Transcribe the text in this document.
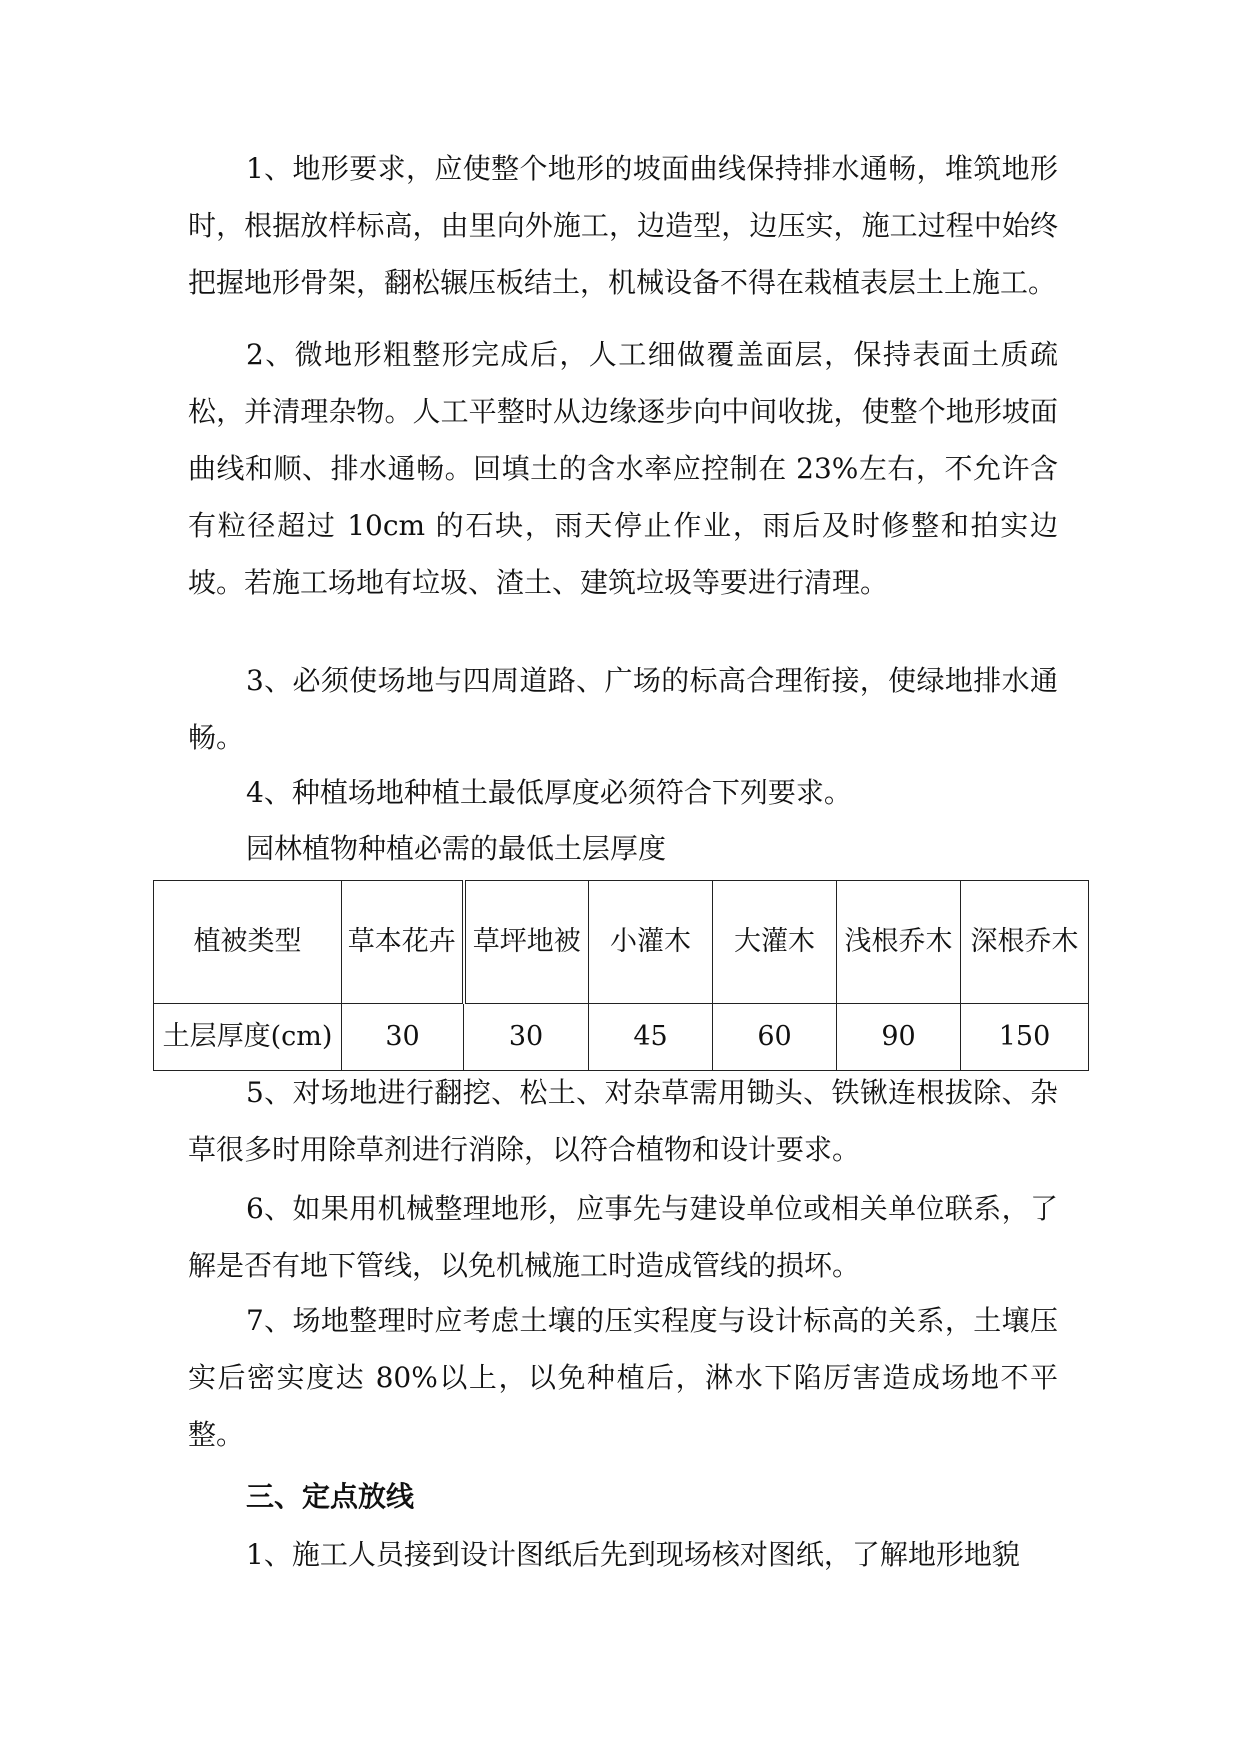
1、地形要求，应使整个地形的坡面曲线保持排水通畅，堆筑地形时，根据放样标高，由里向外施工，边造型，边压实，施工过程中始终把握地形骨架，翻松辗压板结土，机械设备不得在栽植表层土上施工。

2、微地形粗整形完成后，人工细做覆盖面层，保持表面土质疏松，并清理杂物。人工平整时从边缘逐步向中间收拢，使整个地形坡面曲线和顺、排水通畅。回填土的含水率应控制在 23%左右，不允许含有粒径超过 10cm 的石块，雨天停止作业，雨后及时修整和拍实边坡。若施工场地有垃圾、渣土、建筑垃圾等要进行清理。

3、必须使场地与四周道路、广场的标高合理衔接，使绿地排水通畅。

4、种植场地种植土最低厚度必须符合下列要求。

园林植物种植必需的最低土层厚度

植被类型	草本花卉	草坪地被	小灌木	大灌木	浅根乔木	深根乔木
土层厚度(cm)	30	30	45	60	90	150

5、对场地进行翻挖、松土、对杂草需用锄头、铁锹连根拔除、杂草很多时用除草剂进行消除，以符合植物和设计要求。

6、如果用机械整理地形，应事先与建设单位或相关单位联系，了解是否有地下管线，以免机械施工时造成管线的损坏。

7、场地整理时应考虑土壤的压实程度与设计标高的关系，土壤压实后密实度达 80%以上，以免种植后，淋水下陷厉害造成场地不平整。

三、定点放线

1、施工人员接到设计图纸后先到现场核对图纸，了解地形地貌
